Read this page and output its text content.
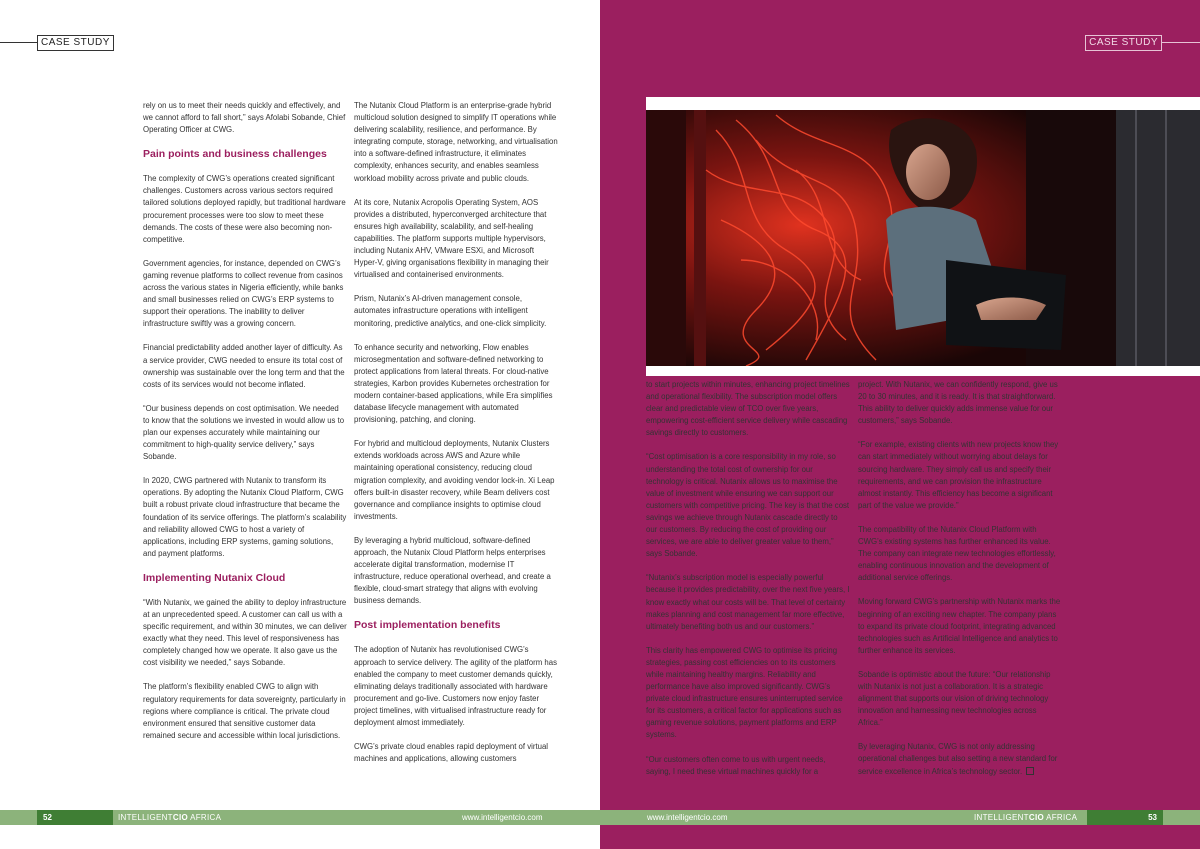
CASE STUDY

rely on us to meet their needs quickly and effectively, and we cannot afford to fall short,” says Afolabi Sobande, Chief Operating Officer at CWG.

Pain points and business challenges

The complexity of CWG’s operations created significant challenges. Customers across various sectors required tailored solutions deployed rapidly, but traditional hardware procurement processes were too slow to meet these demands. The costs of these were also becoming non-competitive.

Government agencies, for instance, depended on CWG’s gaming revenue platforms to collect revenue from casinos across the various states in Nigeria efficiently, while banks and small businesses relied on CWG’s ERP systems to support their operations. The inability to deliver infrastructure swiftly was a growing concern.

Financial predictability added another layer of difficulty. As a service provider, CWG needed to ensure its total cost of ownership was sustainable over the long term and that the costs of its services would not become inflated.

“Our business depends on cost optimisation. We needed to know that the solutions we invested in would allow us to plan our expenses accurately while maintaining our commitment to high-quality service delivery,” says Sobande.

In 2020, CWG partnered with Nutanix to transform its operations. By adopting the Nutanix Cloud Platform, CWG built a robust private cloud infrastructure that became the foundation of its service offerings. The platform’s scalability and reliability allowed CWG to host a variety of applications, including ERP systems, gaming solutions, and payment platforms.

Implementing Nutanix Cloud

“With Nutanix, we gained the ability to deploy infrastructure at an unprecedented speed. A customer can call us with a specific requirement, and within 30 minutes, we can deliver exactly what they need. This level of responsiveness has completely changed how we operate. It also gave us the cost visibility we needed,” says Sobande.

The platform’s flexibility enabled CWG to align with regulatory requirements for data sovereignty, particularly in regions where compliance is critical. The private cloud environment ensured that sensitive customer data remained secure and accessible within local jurisdictions.

The Nutanix Cloud Platform is an enterprise-grade hybrid multicloud solution designed to simplify IT operations while delivering scalability, resilience, and performance. By integrating compute, storage, networking, and virtualisation into a software-defined infrastructure, it eliminates complexity, enhances security, and enables seamless workload mobility across private and public clouds.

At its core, Nutanix Acropolis Operating System, AOS provides a distributed, hyperconverged architecture that ensures high availability, scalability, and self-healing capabilities. The platform supports multiple hypervisors, including Nutanix AHV, VMware ESXi, and Microsoft Hyper-V, giving organisations flexibility in managing their virtualised and containerised environments.

Prism, Nutanix’s AI-driven management console, automates infrastructure operations with intelligent monitoring, predictive analytics, and one-click simplicity.

To enhance security and networking, Flow enables microsegmentation and software-defined networking to protect applications from lateral threats. For cloud-native strategies, Karbon provides Kubernetes orchestration for modern container-based applications, while Era simplifies database lifecycle management with automated provisioning, patching, and cloning.

For hybrid and multicloud deployments, Nutanix Clusters extends workloads across AWS and Azure while maintaining operational consistency, reducing cloud migration complexity, and avoiding vendor lock-in. Xi Leap offers built-in disaster recovery, while Beam delivers cost governance and compliance insights to optimise cloud investments.

By leveraging a hybrid multicloud, software-defined approach, the Nutanix Cloud Platform helps enterprises accelerate digital transformation, modernise IT infrastructure, reduce operational overhead, and create a flexible, cloud-smart strategy that aligns with evolving business demands.

Post implementation benefits

The adoption of Nutanix has revolutionised CWG’s approach to service delivery. The agility of the platform has enabled the company to meet customer demands quickly, eliminating delays traditionally associated with hardware procurement and go-live. Customers now enjoy faster project timelines, with virtualised infrastructure ready for deployment almost immediately.

CWG’s private cloud enables rapid deployment of virtual machines and applications, allowing customers

CASE STUDY

to start projects within minutes, enhancing project timelines and operational flexibility. The subscription model offers clear and predictable view of TCO over five years, empowering cost-efficient service delivery while cascading savings directly to customers.

“Cost optimisation is a core responsibility in my role, so understanding the total cost of ownership for our technology is critical. Nutanix allows us to maximise the value of investment while ensuring we can support our customers with competitive pricing. The key is that the cost savings we achieve through Nutanix cascade directly to our customers. By reducing the cost of providing our services, we are able to deliver greater value to them,” says Sobande.

“Nutanix’s subscription model is especially powerful because it provides predictability, over the next five years, I know exactly what our costs will be. That level of certainty makes planning and cost management far more effective, ultimately benefiting both us and our customers.”

This clarity has empowered CWG to optimise its pricing strategies, passing cost efficiencies on to its customers while maintaining healthy margins. Reliability and performance have also improved significantly. CWG’s private cloud infrastructure ensures uninterrupted service for its customers, a critical factor for applications such as gaming revenue solutions, payment platforms and ERP systems.

“Our customers often come to us with urgent needs, saying, I need these virtual machines quickly for a

project. With Nutanix, we can confidently respond, give us 20 to 30 minutes, and it is ready. It is that straightforward. This ability to deliver quickly adds immense value for our customers,” says Sobande.

“For example, existing clients with new projects know they can start immediately without worrying about delays for sourcing hardware. They simply call us and specify their requirements, and we can provision the infrastructure almost instantly. This efficiency has become a significant part of the value we provide.”

The compatibility of the Nutanix Cloud Platform with CWG’s existing systems has further enhanced its value. The company can integrate new technologies effortlessly, enabling continuous innovation and the development of additional service offerings.

Moving forward CWG’s partnership with Nutanix marks the beginning of an exciting new chapter. The company plans to expand its private cloud footprint, integrating advanced technologies such as Artificial Intelligence and analytics to further enhance its services.

Sobande is optimistic about the future: “Our relationship with Nutanix is not just a collaboration. It is a strategic alignment that supports our vision of driving technology innovation and harnessing new technologies across Africa.”

By leveraging Nutanix, CWG is not only addressing operational challenges but also setting a new standard for service excellence in Africa’s technology sector.

52	INTELLIGENTCIO AFRICA	www.intelligentcio.com	www.intelligentcio.com	INTELLIGENTCIO AFRICA	53
